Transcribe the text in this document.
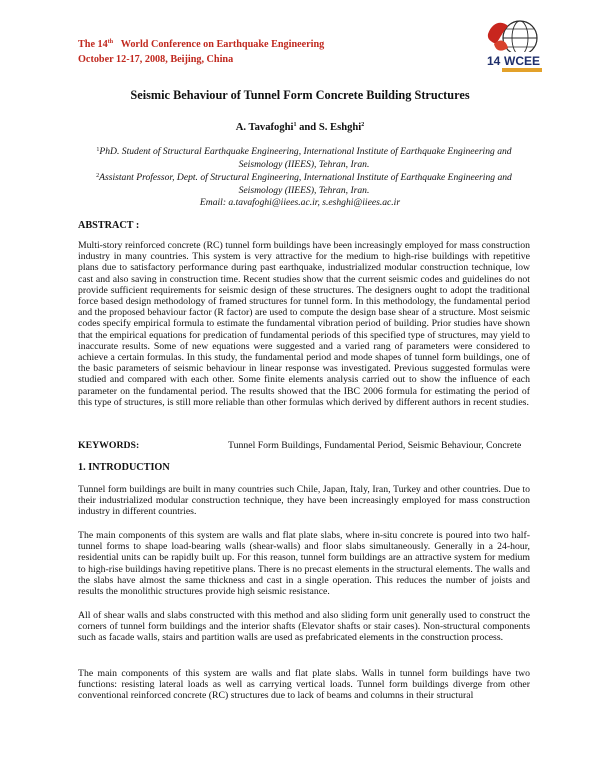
The 14th World Conference on Earthquake Engineering
October 12-17, 2008, Beijing, China	14 WCEE
Seismic Behaviour of Tunnel Form Concrete Building Structures
A. Tavafoghi$^1$ and S. Eshghi$^2$
$^1$PhD. Student of Structural Earthquake Engineering, International Institute of Earthquake Engineering and Seismology (IIEES), Tehran, Iran.
$^2$Assistant Professor, Dept. of Structural Engineering, International Institute of Earthquake Engineering and Seismology (IIEES), Tehran, Iran.
Email: a.tavafoghi@iiees.ac.ir, s.eshghi@iiees.ac.ir
ABSTRACT :
Multi-story reinforced concrete (RC) tunnel form buildings have been increasingly employed for mass construction industry in many countries. This system is very attractive for the medium to high-rise buildings with repetitive plans due to satisfactory performance during past earthquake, industrialized modular construction technique, low cast and also saving in construction time. Recent studies show that the current seismic codes and guidelines do not provide sufficient requirements for seismic design of these structures. The designers ought to adopt the traditional force based design methodology of framed structures for tunnel form. In this methodology, the fundamental period and the proposed behaviour factor (R factor) are used to compute the design base shear of a structure. Most seismic codes specify empirical formula to estimate the fundamental vibration period of building. Prior studies have shown that the empirical equations for predication of fundamental periods of this specified type of structures, may yield to inaccurate results. Some of new equations were suggested and a varied rang of parameters were considered to achieve a certain formulas. In this study, the fundamental period and mode shapes of tunnel form buildings, one of the basic parameters of seismic behaviour in linear response was investigated. Previous suggested formulas were studied and compared with each other. Some finite elements analysis carried out to show the influence of each parameter on the fundamental period. The results showed that the IBC 2006 formula for estimating the period of this type of structures, is still more reliable than other formulas which derived by different authors in recent studies.
KEYWORDS:	Tunnel Form Buildings, Fundamental Period, Seismic Behaviour, Concrete
1. INTRODUCTION
Tunnel form buildings are built in many countries such Chile, Japan, Italy, Iran, Turkey and other countries. Due to their industrialized modular construction technique, they have been increasingly employed for mass construction industry in different countries.
The main components of this system are walls and flat plate slabs, where in-situ concrete is poured into two half-tunnel forms to shape load-bearing walls (shear-walls) and floor slabs simultaneously. Generally in a 24-hour, residential units can be rapidly built up. For this reason, tunnel form buildings are an attractive system for medium to high-rise buildings having repetitive plans. There is no precast elements in the structural elements. The walls and the slabs have almost the same thickness and cast in a single operation. This reduces the number of joists and results the monolithic structures provide high seismic resistance.
All of shear walls and slabs constructed with this method and also sliding form unit generally used to construct the corners of tunnel form buildings and the interior shafts (Elevator shafts or stair cases). Non-structural components such as facade walls, stairs and partition walls are used as prefabricated elements in the construction process.
The main components of this system are walls and flat plate slabs. Walls in tunnel form buildings have two functions: resisting lateral loads as well as carrying vertical loads. Tunnel form buildings diverge from other conventional reinforced concrete (RC) structures due to lack of beams and columns in their structural
